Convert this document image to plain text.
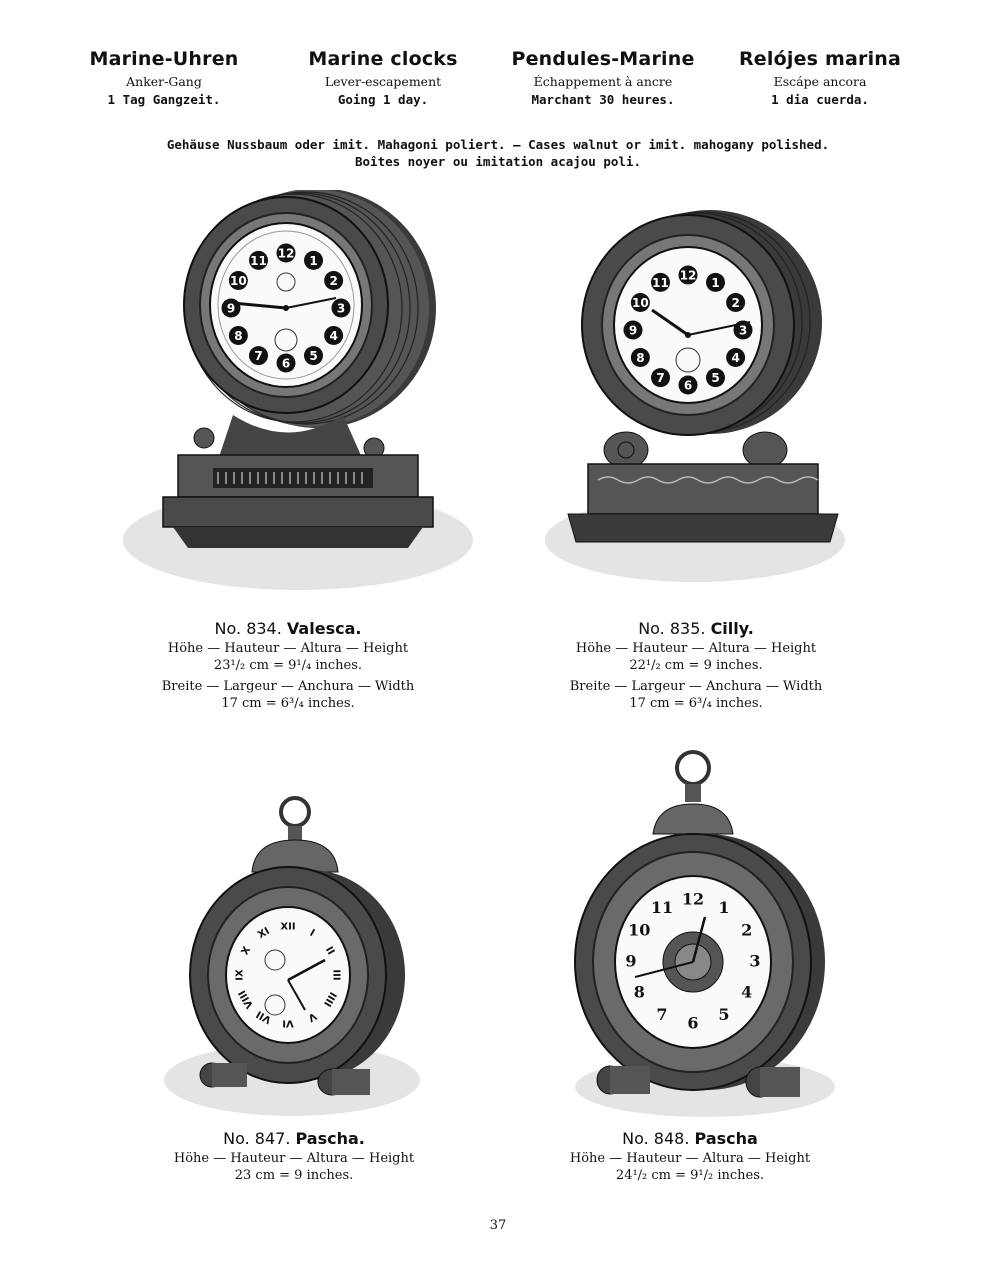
Marine-Uhren
Anker-Gang
1 Tag Gangzeit.
Marine clocks
Lever-escapement
Going 1 day.
Pendules-Marine
Échappement à ancre
Marchant 30 heures.
Relójes marina
Escápe ancora
1 dia cuerda.
Gehäuse Nussbaum oder imit. Mahagoni poliert. — Cases walnut or imit. mahogany polished.
Boîtes noyer ou imitation acajou poli.
12
1
2
3
4
5
6
7
8
9
10
11
12
1
2
3
4
5
6
7
8
9
10
11
XII
I
II
III
IIII
V
VI
VII
VIII
IX
X
XI
12 1
2
3
4
5
6
7
8
9
10
11
No. 834. Valesca.
Höhe — Hauteur — Altura — Height
23¹/₂ cm = 9¹/₄ inches.
Breite — Largeur — Anchura — Width
17 cm = 6³/₄ inches.
No. 835. Cilly.
Höhe — Hauteur — Altura — Height
22¹/₂ cm = 9 inches.
Breite — Largeur — Anchura — Width
17 cm = 6³/₄ inches.
No. 847. Pascha.
Höhe — Hauteur — Altura — Height
23 cm = 9 inches.
No. 848. Pascha
Höhe — Hauteur — Altura — Height
24¹/₂ cm = 9¹/₂ inches.
37
